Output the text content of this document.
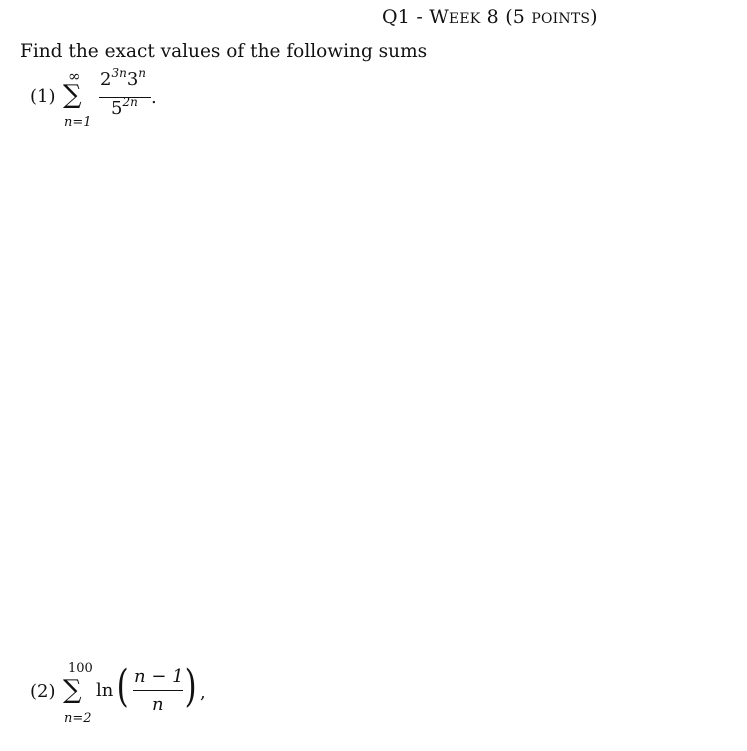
Q1 - WEEK 8 (5 POINTS)
Find the exact values of the following sums
(1)
∞
∑
n=1
$2^{3n}3^n$
$5^{2n}$ .
(2)
100
∑
n=2
ln ( n − 1
n ) ,
